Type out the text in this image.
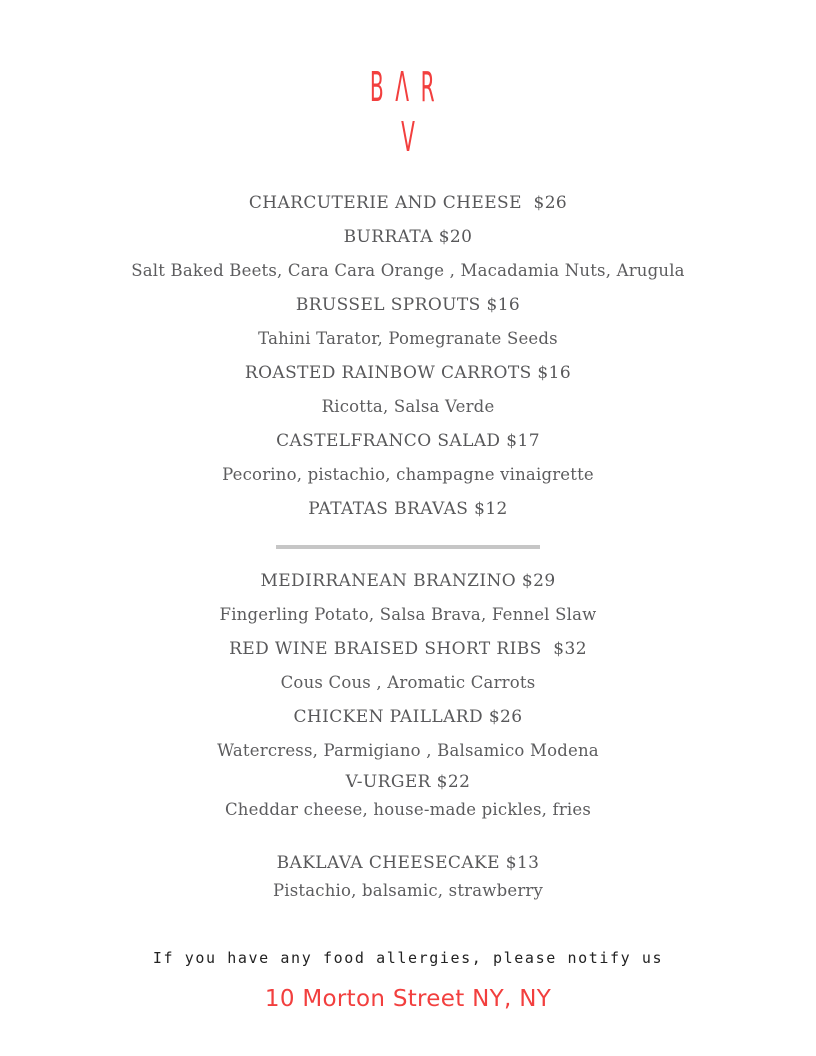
BΛR
V
CHARCUTERIE AND CHEESE  $26
BURRATA $20
Salt Baked Beets, Cara Cara Orange , Macadamia Nuts, Arugula
BRUSSEL SPROUTS $16
Tahini Tarator, Pomegranate Seeds
ROASTED RAINBOW CARROTS $16
Ricotta, Salsa Verde
CASTELFRANCO SALAD $17
Pecorino, pistachio, champagne vinaigrette
PATATAS BRAVAS $12
MEDIRRANEAN BRANZINO $29
Fingerling Potato, Salsa Brava, Fennel Slaw
RED WINE BRAISED SHORT RIBS  $32
Cous Cous , Aromatic Carrots
CHICKEN PAILLARD $26
Watercress, Parmigiano , Balsamico Modena
V-URGER $22
Cheddar cheese, house-made pickles, fries
BAKLAVA CHEESECAKE $13
Pistachio, balsamic, strawberry
If you have any food allergies, please notify us
10 Morton Street NY, NY
